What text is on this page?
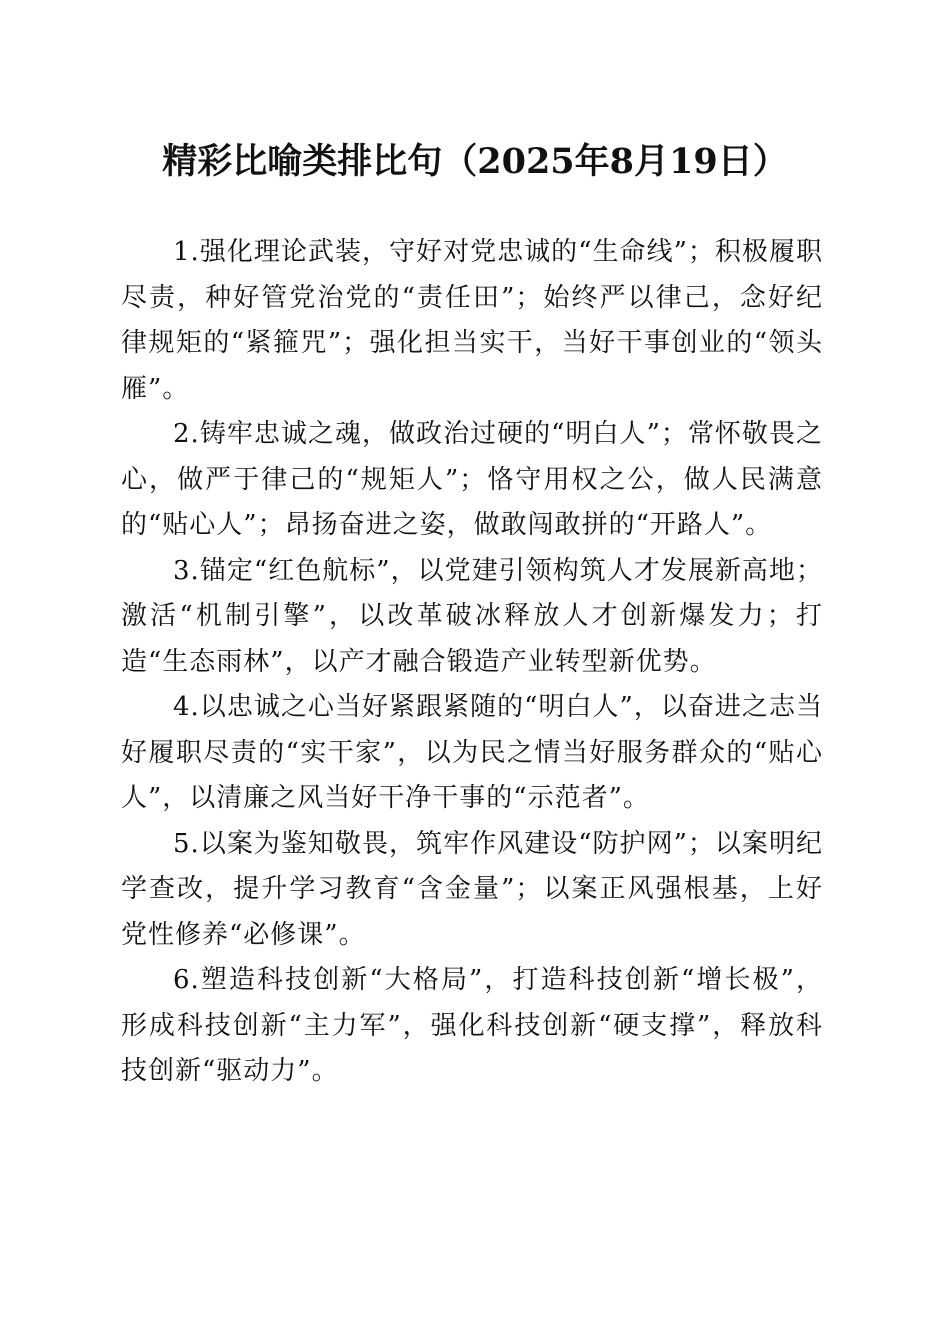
精彩比喻类排比句（2025年8月19日）

1.强化理论武装，守好对党忠诚的“生命线”；积极履职尽责，种好管党治党的“责任田”；始终严以律己，念好纪律规矩的“紧箍咒”；强化担当实干，当好干事创业的“领头雁”。

2.铸牢忠诚之魂，做政治过硬的“明白人”；常怀敬畏之心，做严于律己的“规矩人”；恪守用权之公，做人民满意的“贴心人”；昂扬奋进之姿，做敢闯敢拼的“开路人”。

3.锚定“红色航标”，以党建引领构筑人才发展新高地；激活“机制引擎”，以改革破冰释放人才创新爆发力；打造“生态雨林”，以产才融合锻造产业转型新优势。

4.以忠诚之心当好紧跟紧随的“明白人”，以奋进之志当好履职尽责的“实干家”，以为民之情当好服务群众的“贴心人”，以清廉之风当好干净干事的“示范者”。

5.以案为鉴知敬畏，筑牢作风建设“防护网”；以案明纪学查改，提升学习教育“含金量”；以案正风强根基，上好党性修养“必修课”。

6.塑造科技创新“大格局”，打造科技创新“增长极”，形成科技创新“主力军”，强化科技创新“硬支撑”，释放科技创新“驱动力”。
